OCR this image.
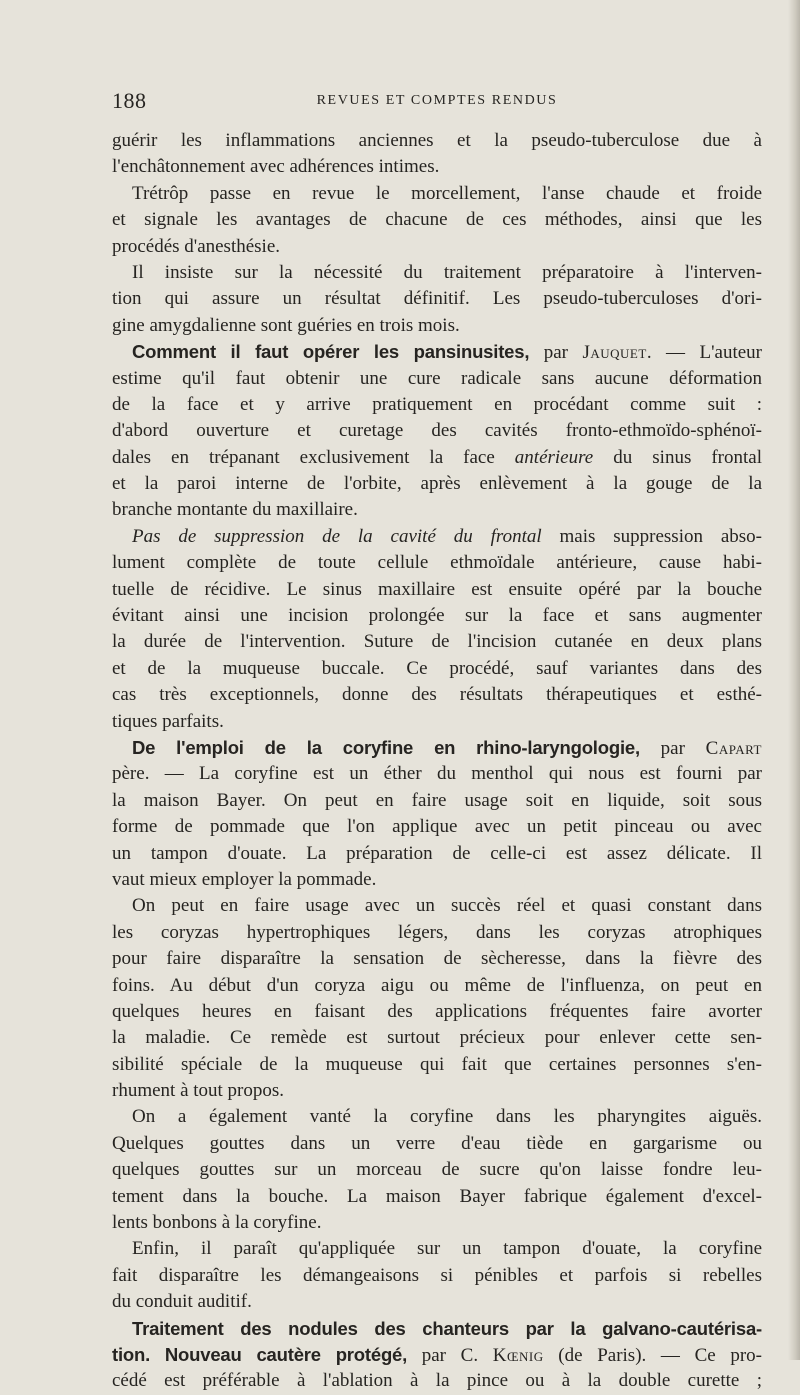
188	REVUES ET COMPTES RENDUS
guérir les inflammations anciennes et la pseudo-tuberculose due à
l'enchâtonnement avec adhérences intimes.
Trétrôp passe en revue le morcellement, l'anse chaude et froide
et signale les avantages de chacune de ces méthodes, ainsi que les
procédés d'anesthésie.
Il insiste sur la nécessité du traitement préparatoire à l'interven-
tion qui assure un résultat définitif. Les pseudo-tuberculoses d'ori-
gine amygdalienne sont guéries en trois mois.
Comment il faut opérer les pansinusites, par Jauquet. — L'auteur
estime qu'il faut obtenir une cure radicale sans aucune déformation
de la face et y arrive pratiquement en procédant comme suit :
d'abord ouverture et curetage des cavités fronto-ethmoïdo-sphénoï-
dales en trépanant exclusivement la face antérieure du sinus frontal
et la paroi interne de l'orbite, après enlèvement à la gouge de la
branche montante du maxillaire.
Pas de suppression de la cavité du frontal mais suppression abso-
lument complète de toute cellule ethmoïdale antérieure, cause habi-
tuelle de récidive. Le sinus maxillaire est ensuite opéré par la bouche
évitant ainsi une incision prolongée sur la face et sans augmenter
la durée de l'intervention. Suture de l'incision cutanée en deux plans
et de la muqueuse buccale. Ce procédé, sauf variantes dans des
cas très exceptionnels, donne des résultats thérapeutiques et esthé-
tiques parfaits.
De l'emploi de la coryfine en rhino-laryngologie, par Capart
père. — La coryfine est un éther du menthol qui nous est fourni par
la maison Bayer. On peut en faire usage soit en liquide, soit sous
forme de pommade que l'on applique avec un petit pinceau ou avec
un tampon d'ouate. La préparation de celle-ci est assez délicate. Il
vaut mieux employer la pommade.
On peut en faire usage avec un succès réel et quasi constant dans
les coryzas hypertrophiques légers, dans les coryzas atrophiques
pour faire disparaître la sensation de sècheresse, dans la fièvre des
foins. Au début d'un coryza aigu ou même de l'influenza, on peut en
quelques heures en faisant des applications fréquentes faire avorter
la maladie. Ce remède est surtout précieux pour enlever cette sen-
sibilité spéciale de la muqueuse qui fait que certaines personnes s'en-
rhument à tout propos.
On a également vanté la coryfine dans les pharyngites aiguës.
Quelques gouttes dans un verre d'eau tiède en gargarisme ou
quelques gouttes sur un morceau de sucre qu'on laisse fondre leu-
tement dans la bouche. La maison Bayer fabrique également d'excel-
lents bonbons à la coryfine.
Enfin, il paraît qu'appliquée sur un tampon d'ouate, la coryfine
fait disparaître les démangeaisons si pénibles et parfois si rebelles
du conduit auditif.
Traitement des nodules des chanteurs par la galvano-cautérisa-
tion. Nouveau cautère protégé, par C. Kœnig (de Paris). — Ce pro-
cédé est préférable à l'ablation à la pince ou à la double curette ;
